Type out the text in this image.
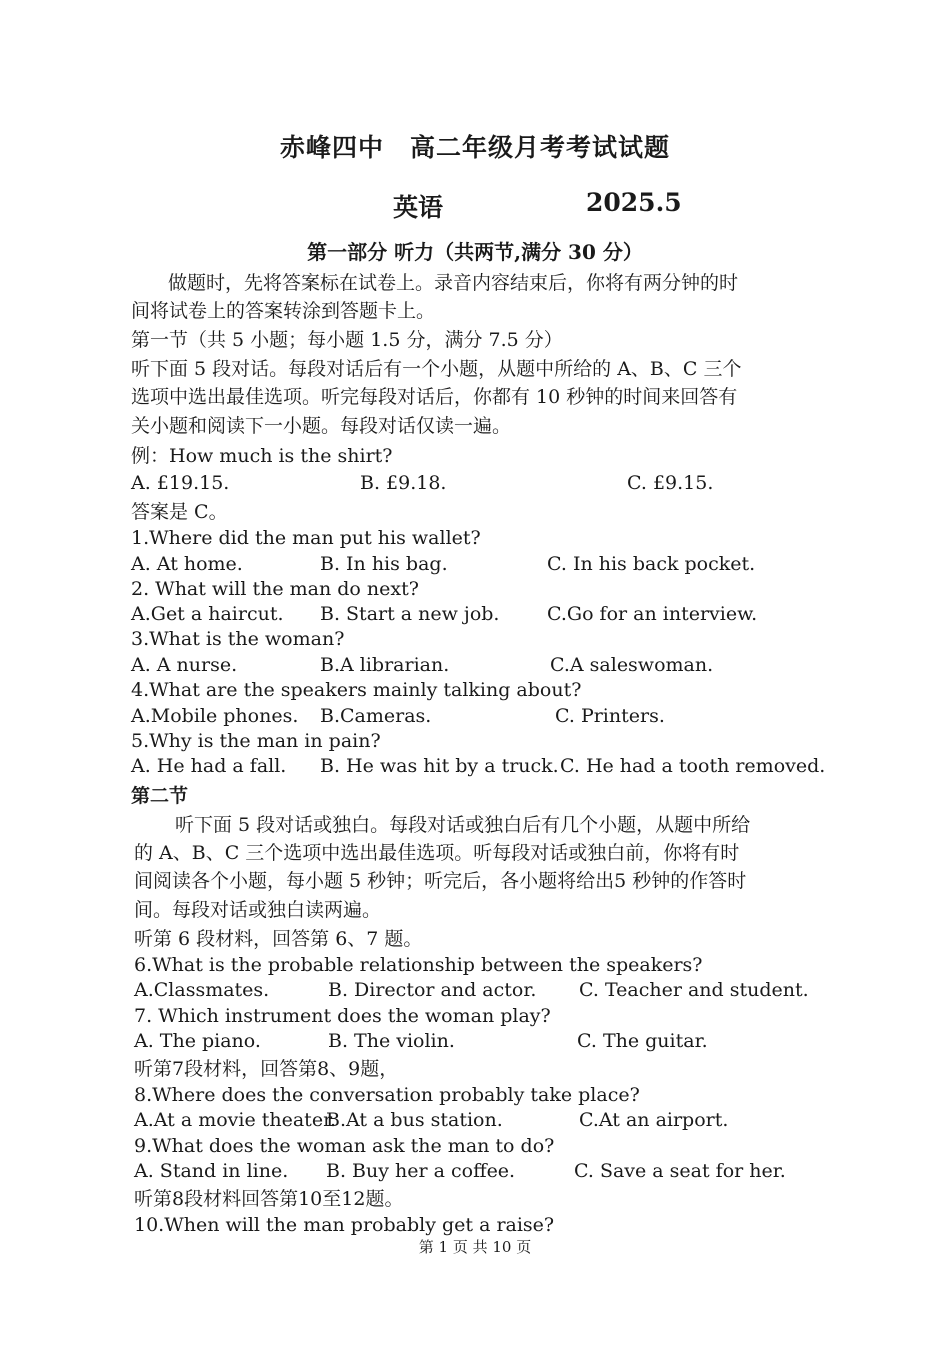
赤峰四中 高二年级月考考试试题
英语	2025.5
第一部分 听力（共两节,满分 30 分）
做题时，先将答案标在试卷上。录音内容结束后，你将有两分钟的时
间将试卷上的答案转涂到答题卡上。
第一节（共 5 小题；每小题 1.5 分，满分 7.5 分）
听下面 5 段对话。每段对话后有一个小题，从题中所给的 A、B、C 三个
选项中选出最佳选项。听完每段对话后，你都有 10 秒钟的时间来回答有
关小题和阅读下一小题。每段对话仅读一遍。
例：How much is the shirt?
A. £19.15.	B. £9.18.	C. £9.15.
答案是 C。
1.Where did the man put his wallet?
A. At home.	B. In his bag.	C. In his back pocket.
2. What will the man do next?
A.Get a haircut. B. Start a new job.	C.Go for an interview.
3.What is the woman?
A. A nurse.	B.A librarian.	C.A saleswoman.
4.What are the speakers mainly talking about?
A.Mobile phones. B.Cameras.	C. Printers.
5.Why is the man in pain?
A. He had a fall. B. He was hit by a truck. C. He had a tooth removed.
第二节
听下面 5 段对话或独白。每段对话或独白后有几个小题，从题中所给
的 A、B、C 三个选项中选出最佳选项。听每段对话或独白前，你将有时
间阅读各个小题，每小题 5 秒钟；听完后，各小题将给出5 秒钟的作答时
间。每段对话或独白读两遍。
听第 6 段材料，回答第 6、7 题。
6.What is the probable relationship between the speakers?
A.Classmates.	B. Director and actor. C. Teacher and student.
7. Which instrument does the woman play?
A. The piano.	B. The violin.	C. The guitar.
听第7段材料，回答第8、9题，
8.Where does the conversation probably take place?
A.At a movie theater.
B.At a bus station.	C.At an airport.
9.What does the woman ask the man to do?
A. Stand in line. B. Buy her a coffee.	C. Save a seat for her.
听第8段材料回答第10至12题。
10.When will the man probably get a raise?
第 1 页 共 10 页
